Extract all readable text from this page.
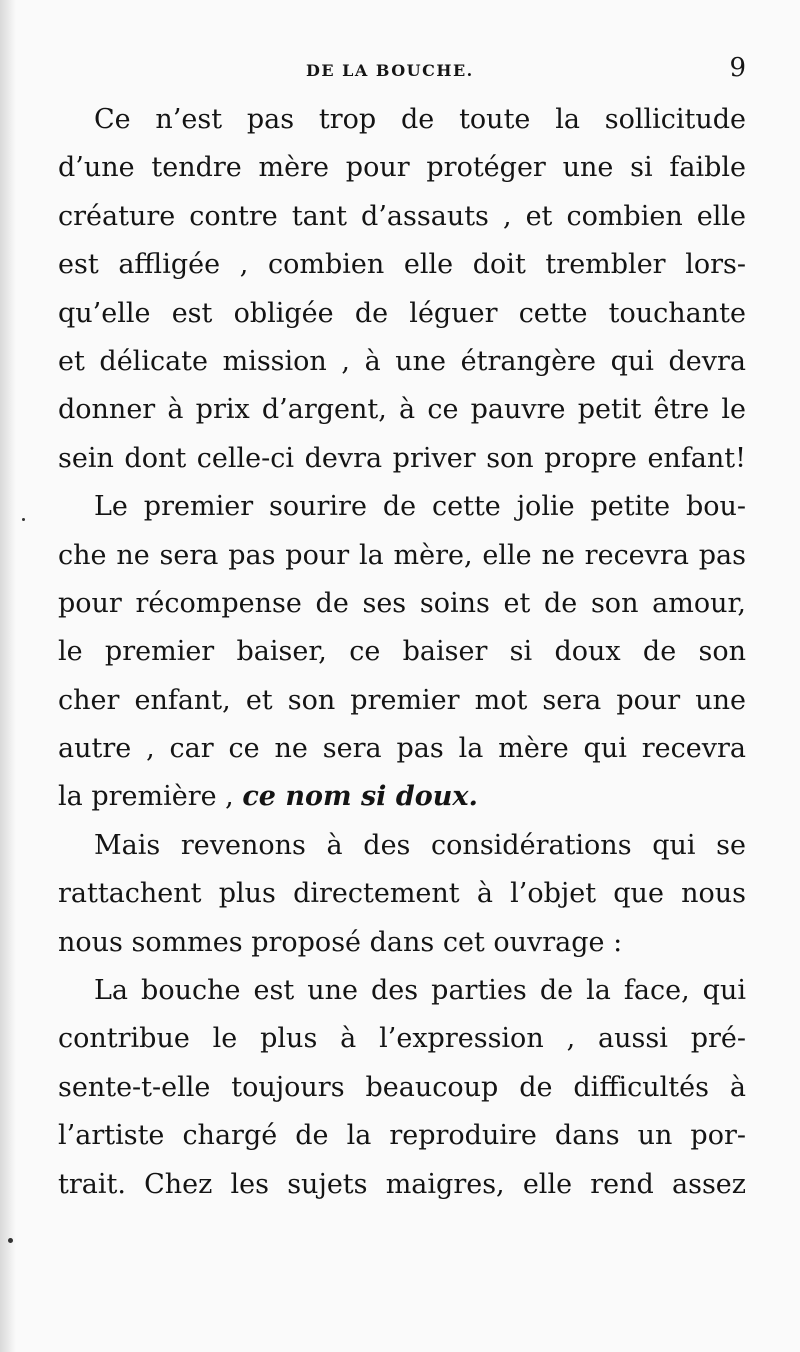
DE LA BOUCHE.	9
Ce n’est pas trop de toute la sollicitude
d’une tendre mère pour protéger une si faible
créature contre tant d’assauts , et combien elle
est affligée , combien elle doit trembler lors-
qu’elle est obligée de léguer cette touchante
et délicate mission , à une étrangère qui devra
donner à prix d’argent, à ce pauvre petit être le
sein dont celle-ci devra priver son propre enfant!
Le premier sourire de cette jolie petite bou-
che ne sera pas pour la mère, elle ne recevra pas
pour récompense de ses soins et de son amour,
le premier baiser, ce baiser si doux de son
cher enfant, et son premier mot sera pour une
autre , car ce ne sera pas la mère qui recevra
la première , ce nom si doux.
Mais revenons à des considérations qui se
rattachent plus directement à l’objet que nous
nous sommes proposé dans cet ouvrage :
La bouche est une des parties de la face, qui
contribue le plus à l’expression , aussi pré-
sente-t-elle toujours beaucoup de difficultés à
l’artiste chargé de la reproduire dans un por-
trait. Chez les sujets maigres, elle rend assez
